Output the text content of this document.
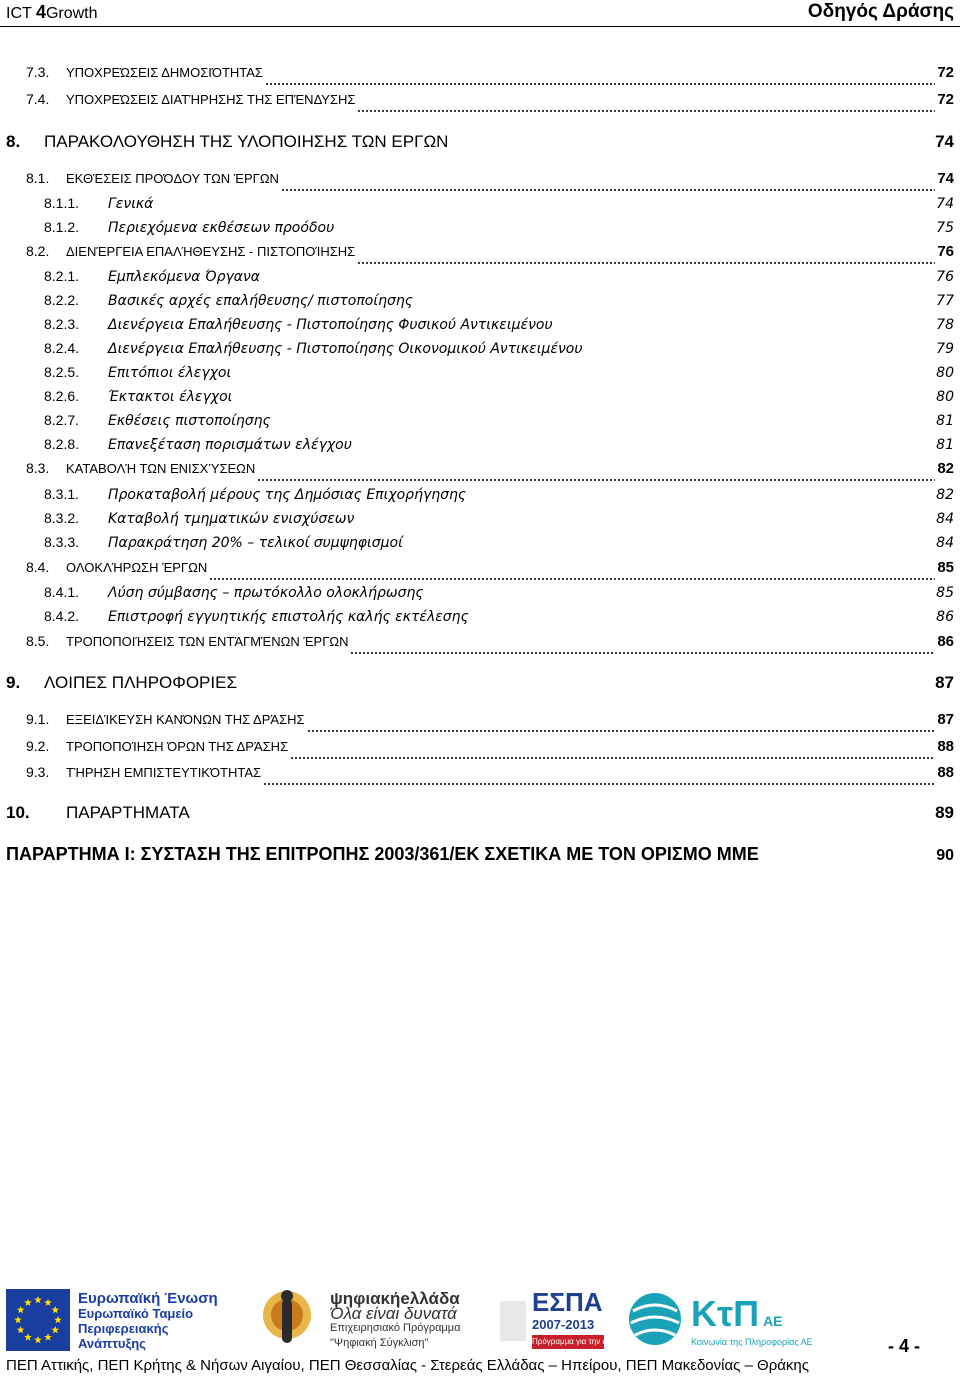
ICT 4Growth	Οδηγός Δράσης
7.3.	ΥΠΟΧΡΕΏΣΕΙΣ ΔΗΜΟΣΙΌΤΗΤΑΣ	72
7.4.	ΥΠΟΧΡΕΏΣΕΙΣ ΔΙΑΤΉΡΗΣΗΣ ΤΗΣ ΕΠΈΝΔΥΣΗΣ	72
8.	ΠΑΡΑΚΟΛΟΥΘΗΣΗ ΤΗΣ ΥΛΟΠΟΙΗΣΗΣ ΤΩΝ ΕΡΓΩΝ	74
8.1.	ΕΚΘΈΣΕΙΣ ΠΡΟΌΔΟΥ ΤΩΝ ΈΡΓΩΝ	74
8.1.1.	Γενικά	74
8.1.2.	Περιεχόμενα εκθέσεων προόδου	75
8.2.	ΔΙΕΝΈΡΓΕΙΑ ΕΠΑΛΉΘΕΥΣΗΣ - ΠΙΣΤΟΠΟΊΗΣΗΣ	76
8.2.1.	Εμπλεκόμενα Όργανα	76
8.2.2.	Βασικές αρχές επαλήθευσης/ πιστοποίησης	77
8.2.3.	Διενέργεια Επαλήθευσης - Πιστοποίησης Φυσικού Αντικειμένου	78
8.2.4.	Διενέργεια Επαλήθευσης - Πιστοποίησης Οικονομικού Αντικειμένου	79
8.2.5.	Επιτόπιοι έλεγχοι	80
8.2.6.	Έκτακτοι έλεγχοι	80
8.2.7.	Εκθέσεις πιστοποίησης	81
8.2.8.	Επανεξέταση πορισμάτων ελέγχου	81
8.3.	ΚΑΤΑΒΟΛΉ ΤΩΝ ΕΝΙΣΧΎΣΕΩΝ	82
8.3.1.	Προκαταβολή μέρους της Δημόσιας Επιχορήγησης	82
8.3.2.	Καταβολή τμηματικών ενισχύσεων	84
8.3.3.	Παρακράτηση 20% – τελικοί συμψηφισμοί	84
8.4.	ΟΛΟΚΛΉΡΩΣΗ ΈΡΓΩΝ	85
8.4.1.	Λύση σύμβασης – πρωτόκολλο ολοκλήρωσης	85
8.4.2.	Επιστροφή εγγυητικής επιστολής καλής εκτέλεσης	86
8.5.	ΤΡΟΠΟΠΟΙΉΣΕΙΣ ΤΩΝ ΕΝΤΆΓΜΈΝΩΝ ΈΡΓΩΝ	86
9.	ΛΟΙΠΕΣ ΠΛΗΡΟΦΟΡΙΕΣ	87
9.1.	ΕΞΕΙΔΊΚΕΥΣΗ ΚΑΝΌΝΩΝ ΤΗΣ ΔΡΆΣΗΣ	87
9.2.	ΤΡΟΠΟΠΟΊΗΣΗ ΌΡΩΝ ΤΗΣ ΔΡΆΣΗΣ	88
9.3.	ΤΉΡΗΣΗ ΕΜΠΙΣΤΕΥΤΙΚΌΤΗΤΑΣ	88
10.	ΠΑΡΑΡΤΗΜΑΤΑ	89
ΠΑΡΑΡΤΗΜΑ Ι: ΣΥΣΤΑΣΗ ΤΗΣ ΕΠΙΤΡΟΠΗΣ 2003/361/ΕΚ ΣΧΕΤΙΚΑ ΜΕ ΤΟΝ ΟΡΙΣΜΟ ΜΜΕ	90
Ευρωπαϊκή Ένωση
Ευρωπαϊκό Ταμείο
Περιφερειακής
Ανάπτυξης
ψηφιακήeλλάδα
Όλα είναι δυνατά
Επιχειρησιακό Πρόγραμμα
"Ψηφιακή Σύγκλιση"
ΕΣΠΑ
2007-2013
Πρόγραμμα για την ανάπτυξη
ΚτΠ ΑΕ
Κοινωνία της Πληροφορίας ΑΕ	- 4 -
ΠΕΠ Αττικής, ΠΕΠ Κρήτης & Νήσων Αιγαίου, ΠΕΠ Θεσσαλίας - Στερεάς Ελλάδας – Ηπείρου, ΠΕΠ Μακεδονίας – Θράκης
